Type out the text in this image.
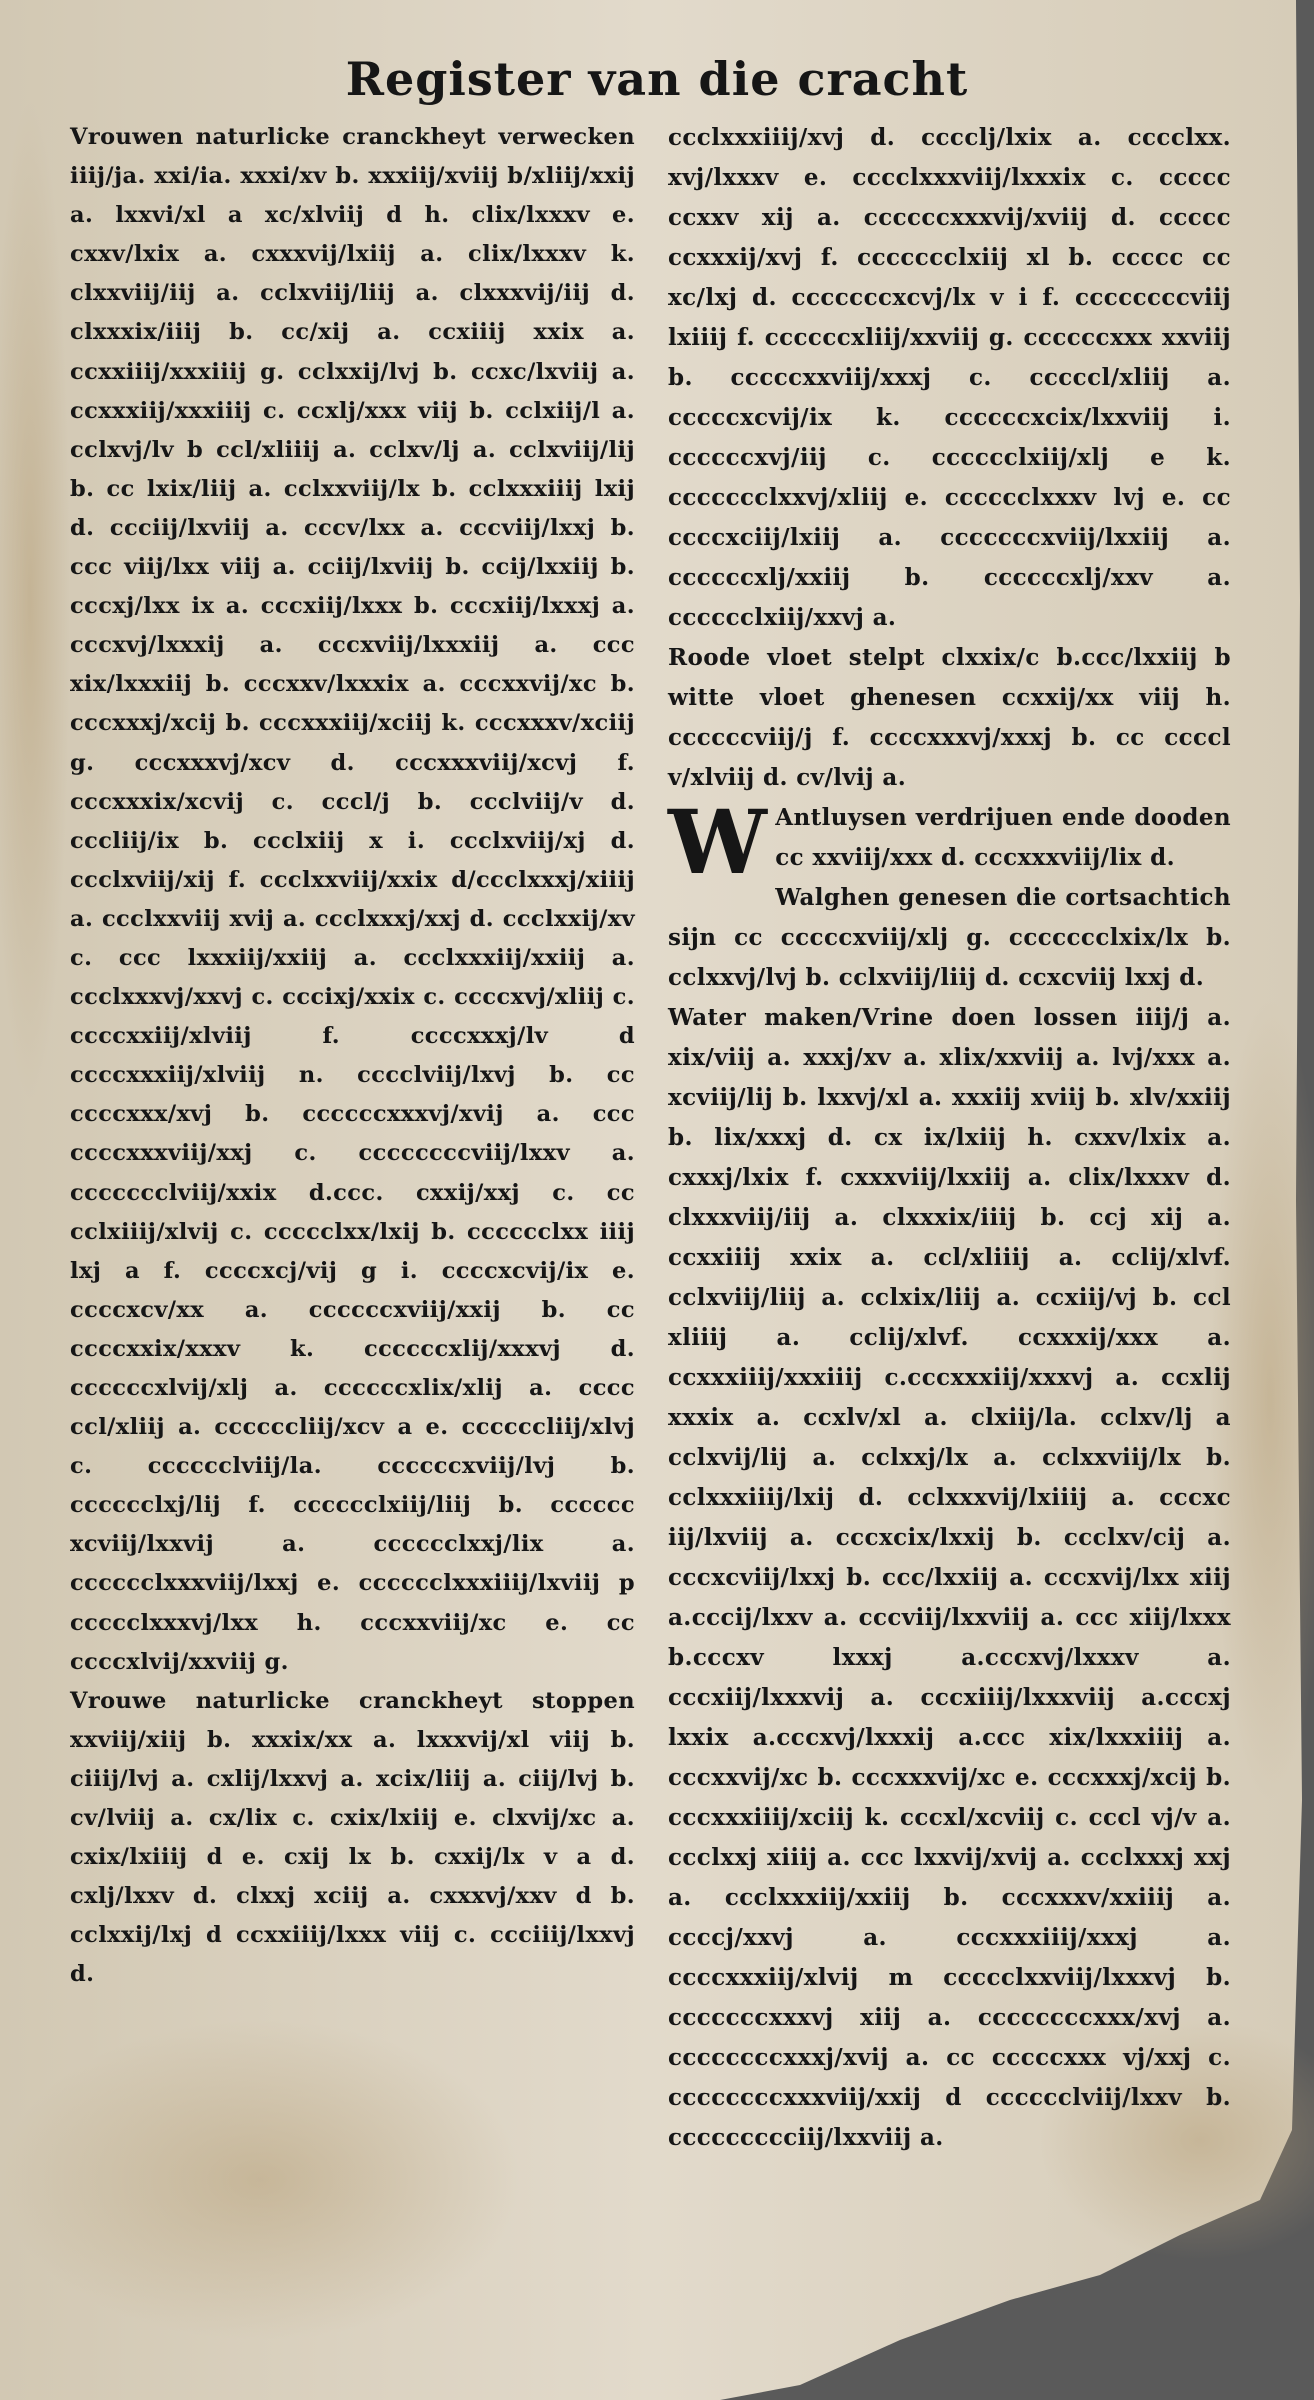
Register van die cracht

Vrouwen naturlicke cranckheyt verwecken iiij/ja. xxi/ia. xxxi/xv b. xxxiij/xviij b/xliij/xxij a. lxxvi/xl a xc/xlviij d h. clix/lxxxv e. cxxv/lxix a. cxxxvij/lxiij a. clix/lxxxv k. clxxviij/iij a. cclxviij/liij a. clxxxvij/iij d. clxxxix/iiij b. cc/xij a. ccxiiij xxix a. ccxxiiij/xxxiiij g. cclxxij/lvj b. ccxc/lxviij a. ccxxxiij/xxxiiij c. ccxlj/xxx viij b. cclxiij/l a. cclxvj/lv b ccl/xliiij a. cclxv/lj a. cclxviij/lij b. cc lxix/liij a. cclxxviij/lx b. cclxxxiiij lxij d. ccciij/lxviij a. cccv/lxx a. cccviij/lxxj b. ccc viij/lxx viij a. cciij/lxviij b. ccij/lxxiij b. cccxj/lxx ix a. cccxiij/lxxx b. cccxiij/lxxxj a. cccxvj/lxxxij a. cccxviij/lxxxiij a. ccc xix/lxxxiij b. cccxxv/lxxxix a. cccxxvij/xc b. cccxxxj/xcij b. cccxxxiij/xciij k. cccxxxv/xciij g. cccxxxvj/xcv d. cccxxxviij/xcvj f. cccxxxix/xcvij c. cccl/j b. ccclviij/v d. cccliij/ix b. ccclxiij x i. ccclxviij/xj d. ccclxviij/xij f. ccclxxviij/xxix d/ccclxxxj/xiiij a. ccclxxviij xvij a. ccclxxxj/xxj d. ccclxxij/xv c. ccc lxxxiij/xxiij a. ccclxxxiij/xxiij a. ccclxxxvj/xxvj c. cccixj/xxix c. ccccxvj/xliij c. ccccxxiij/xlviij f. ccccxxxj/lv d ccccxxxiij/xlviij n. cccclviij/lxvj b. cc ccccxxx/xvj b. ccccccxxxvj/xvij a. ccc ccccxxxviij/xxj c. ccccccccviij/lxxv a. ccccccclviij/xxix d.ccc. cxxij/xxj c. cc cclxiiij/xlvij c. ccccclxx/lxij b. cccccclxx iiij lxj a f. ccccxcj/vij g i. ccccxcvij/ix e. ccccxcv/xx a. ccccccxviij/xxij b. cc ccccxxix/xxxv k. ccccccxlij/xxxvj d. ccccccxlvij/xlj a. ccccccxlix/xlij a. cccc ccl/xliij a. ccccccliij/xcv a e. ccccccliij/xlvj c. cccccclviij/la. ccccccxviij/lvj b. cccccclxj/lij f. cccccclxiij/liij b. cccccc xcviij/lxxvij a. cccccclxxj/lix a. cccccclxxxviij/lxxj e. cccccclxxxiiij/lxviij p ccccclxxxvj/lxx h. cccxxviij/xc e. cc ccccxlvij/xxviij g.

Vrouwe naturlicke cranckheyt stoppen xxviij/xiij b. xxxix/xx a. lxxxvij/xl viij b. ciiij/lvj a. cxlij/lxxvj a. xcix/liij a. ciij/lvj b. cv/lviij a. cx/lix c. cxix/lxiij e. clxvij/xc a. cxix/lxiiij d e. cxij lx b. cxxij/lx v a d. cxlj/lxxv d. clxxj xciij a. cxxxvj/xxv d b. cclxxij/lxj d ccxxiiij/lxxx viij c. ccciiij/lxxvj d.

ccclxxxiiij/xvj d. cccclj/lxix a. cccclxx. xvj/lxxxv e. cccclxxxviij/lxxxix c. ccccc ccxxv xij a. ccccccxxxvij/xviij d. ccccc ccxxxij/xvj f. ccccccclxiij xl b. ccccc cc xc/lxj d. cccccccxcvj/lx v i f. ccccccccviij lxiiij f. ccccccxliij/xxviij g. ccccccxxx xxviij b. cccccxxviij/xxxj c. cccccl/xliij a. cccccxcvij/ix k. ccccccxcix/lxxviij i. ccccccxvj/iij c. cccccclxiij/xlj e k. ccccccclxxvj/xliij e. cccccclxxxv lvj e. cc ccccxciij/lxiij a. cccccccxviij/lxxiij a. ccccccxlj/xxiij b. ccccccxlj/xxv a. cccccclxiij/xxvj a.

Roode vloet stelpt clxxix/c b.ccc/lxxiij b witte vloet ghenesen ccxxij/xx viij h. ccccccviij/j f. ccccxxxvj/xxxj b. cc ccccl v/xlviij d. cv/lvij a.

W Antluysen verdrijuen ende dooden cc xxviij/xxx d. cccxxxviij/lix d.

Walghen genesen die cortsachtich sijn cc cccccxviij/xlj g. ccccccclxix/lx b. cclxxvj/lvj b. cclxviij/liij d. ccxcviij lxxj d.

Water maken/Vrine doen lossen iiij/j a. xix/viij a. xxxj/xv a. xlix/xxviij a. lvj/xxx a. xcviij/lij b. lxxvj/xl a. xxxiij xviij b. xlv/xxiij b. lix/xxxj d. cx ix/lxiij h. cxxv/lxix a. cxxxj/lxix f. cxxxviij/lxxiij a. clix/lxxxv d. clxxxviij/iij a. clxxxix/iiij b. ccj xij a. ccxxiiij xxix a. ccl/xliiij a. cclij/xlvf. cclxviij/liij a. cclxix/liij a. ccxiij/vj b. ccl xliiij a. cclij/xlvf. ccxxxij/xxx a. ccxxxiiij/xxxiiij c.cccxxxiij/xxxvj a. ccxlij xxxix a. ccxlv/xl a. clxiij/la. cclxv/lj a cclxvij/lij a. cclxxj/lx a. cclxxviij/lx b. cclxxxiiij/lxij d. cclxxxvij/lxiiij a. cccxc iij/lxviij a. cccxcix/lxxij b. ccclxv/cij a. cccxcviij/lxxj b. ccc/lxxiij a. cccxvij/lxx xiij a.cccij/lxxv a. cccviij/lxxviij a. ccc xiij/lxxx b.cccxv lxxxj a.cccxvj/lxxxv a. cccxiij/lxxxvij a. cccxiiij/lxxxviij a.cccxj lxxix a.cccxvj/lxxxij a.ccc xix/lxxxiiij a. cccxxvij/xc b. cccxxxvij/xc e. cccxxxj/xcij b. cccxxxiiij/xciij k. cccxl/xcviij c. cccl vj/v a. ccclxxj xiiij a. ccc lxxvij/xvij a. ccclxxxj xxj a. ccclxxxiij/xxiij b. cccxxxv/xxiiij a. ccccj/xxvj a. cccxxxiiij/xxxj a. ccccxxxiij/xlvij m ccccclxxviij/lxxxvj b. cccccccxxxvj xiij a. ccccccccxxx/xvj a. ccccccccxxxj/xvij a. cc cccccxxx vj/xxj c. ccccccccxxxviij/xxij d cccccclviij/lxxv b. ccccccccciij/lxxviij a.
